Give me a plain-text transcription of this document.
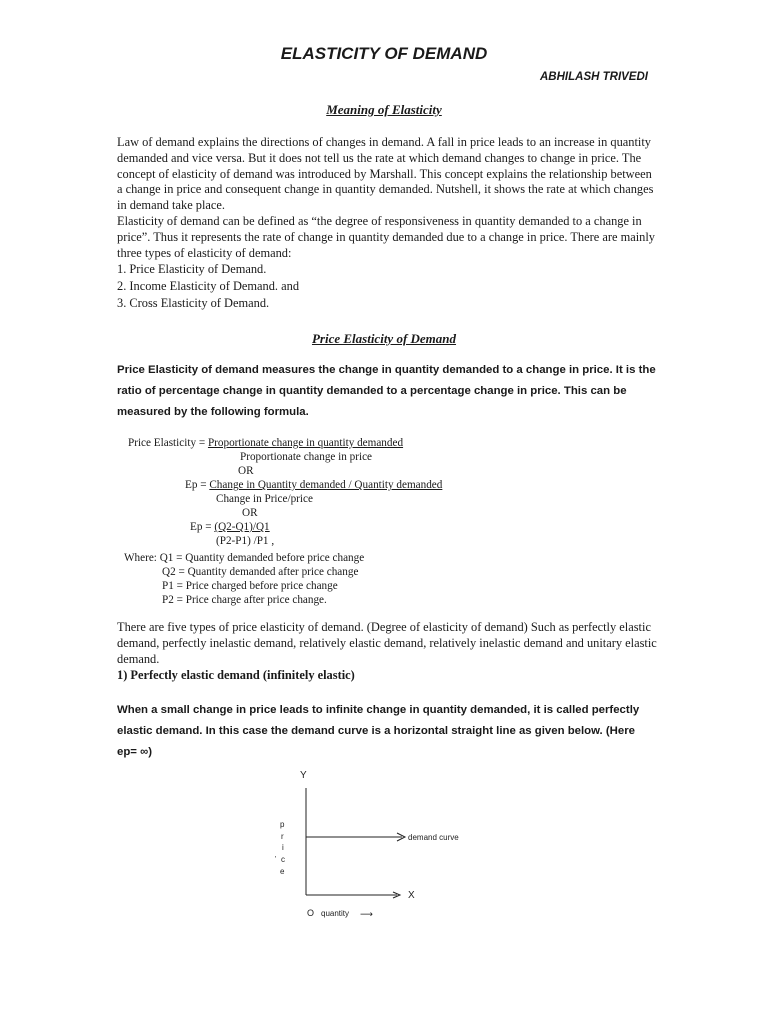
ELASTICITY OF DEMAND
ABHILASH TRIVEDI
Meaning of Elasticity

Law of demand explains the directions of changes in demand. A fall in price leads to an increase in quantity demanded and vice versa. But it does not tell us the rate at which demand changes to change in price. The concept of elasticity of demand was introduced by Marshall. This concept explains the relationship between a change in price and consequent change in quantity demanded. Nutshell, it shows the rate at which changes in demand take place.

Elasticity of demand can be defined as “the degree of responsiveness in quantity demanded to a change in price”. Thus it represents the rate of change in quantity demanded due to a change in price. There are mainly three types of elasticity of demand:

1. Price Elasticity of Demand.

2. Income Elasticity of Demand. and

3. Cross Elasticity of Demand.

Price Elasticity of Demand
Price Elasticity of demand measures the change in quantity demanded to a change in price. It is the ratio of percentage change in quantity demanded to a percentage change in price. This can be measured by the following formula.
Price Elasticity = Proportionate change in quantity demanded
Proportionate change in price
OR
Ep = Change in Quantity demanded / Quantity demanded
Change in Price/price
OR
Ep = (Q2-Q1)/Q1
(P2-P1) /P1 ,
Where: Q1 = Quantity demanded before price change
Q2 = Quantity demanded after price change
P1 = Price charged before price change
P2 = Price charge after price change.
There are five types of price elasticity of demand. (Degree of elasticity of demand) Such as perfectly elastic demand, perfectly inelastic demand, relatively elastic demand, relatively inelastic demand and unitary elastic demand.
1) Perfectly elastic demand (infinitely elastic)
When a small change in price leads to infinite change in quantity demanded, it is called perfectly elastic demand. In this case the demand curve is a horizontal straight line as given below. (Here ep= ∞)
Y
X
demand curve
p
r
i
' c
e
O quantity ⟶
